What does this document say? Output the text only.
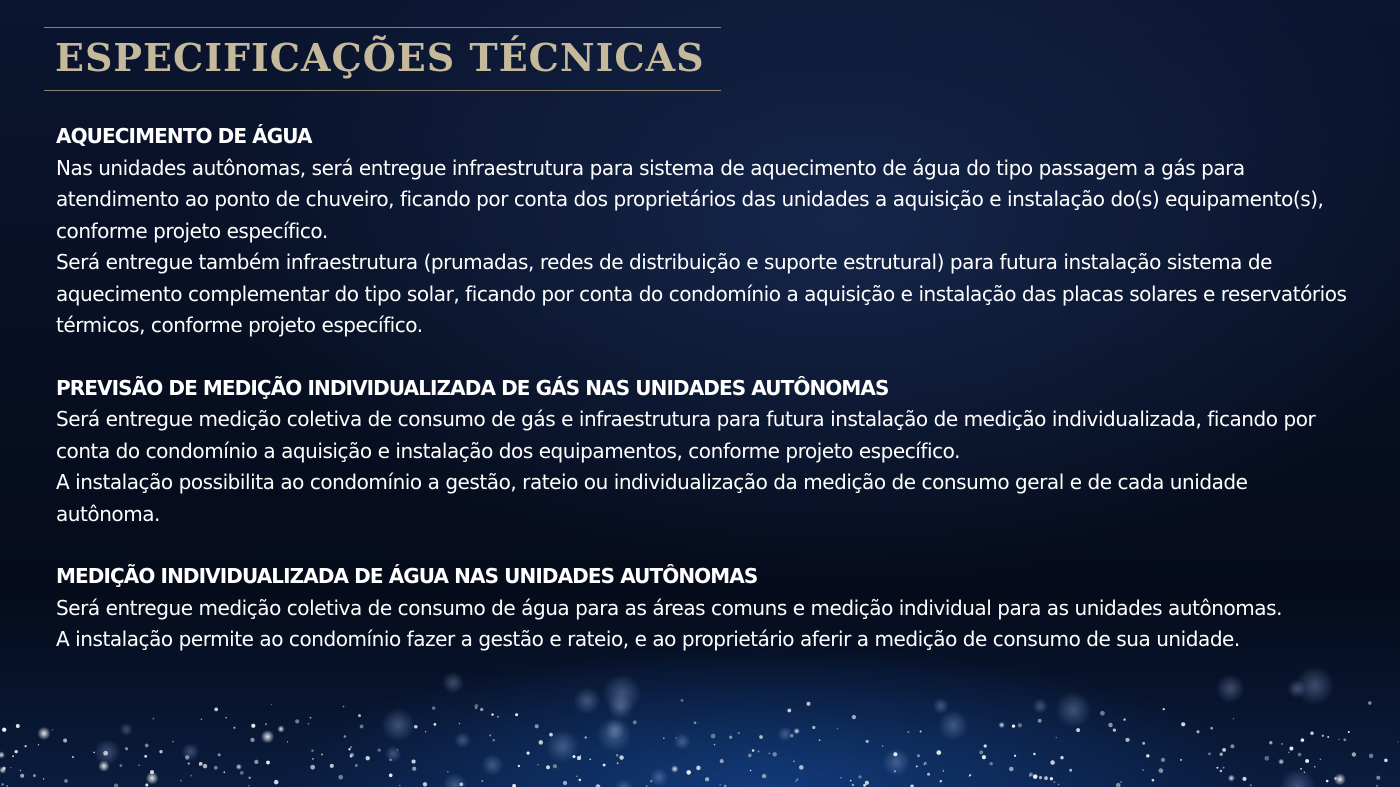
ESPECIFICAÇÕES TÉCNICAS

AQUECIMENTO DE ÁGUA

Nas unidades autônomas, será entregue infraestrutura para sistema de aquecimento de água do tipo passagem a gás para atendimento ao ponto de chuveiro, ficando por conta dos proprietários das unidades a aquisição e instalação do(s) equipamento(s), conforme projeto específico.

Será entregue também infraestrutura (prumadas, redes de distribuição e suporte estrutural) para futura instalação sistema de aquecimento complementar do tipo solar, ficando por conta do condomínio a aquisição e instalação das placas solares e reservatórios térmicos, conforme projeto específico.

PREVISÃO DE MEDIÇÃO INDIVIDUALIZADA DE GÁS NAS UNIDADES AUTÔNOMAS

Será entregue medição coletiva de consumo de gás e infraestrutura para futura instalação de medição individualizada, ficando por conta do condomínio a aquisição e instalação dos equipamentos, conforme projeto específico.

A instalação possibilita ao condomínio a gestão, rateio ou individualização da medição de consumo geral e de cada unidade autônoma.

MEDIÇÃO INDIVIDUALIZADA DE ÁGUA NAS UNIDADES AUTÔNOMAS

Será entregue medição coletiva de consumo de água para as áreas comuns e medição individual para as unidades autônomas.

A instalação permite ao condomínio fazer a gestão e rateio, e ao proprietário aferir a medição de consumo de sua unidade.
